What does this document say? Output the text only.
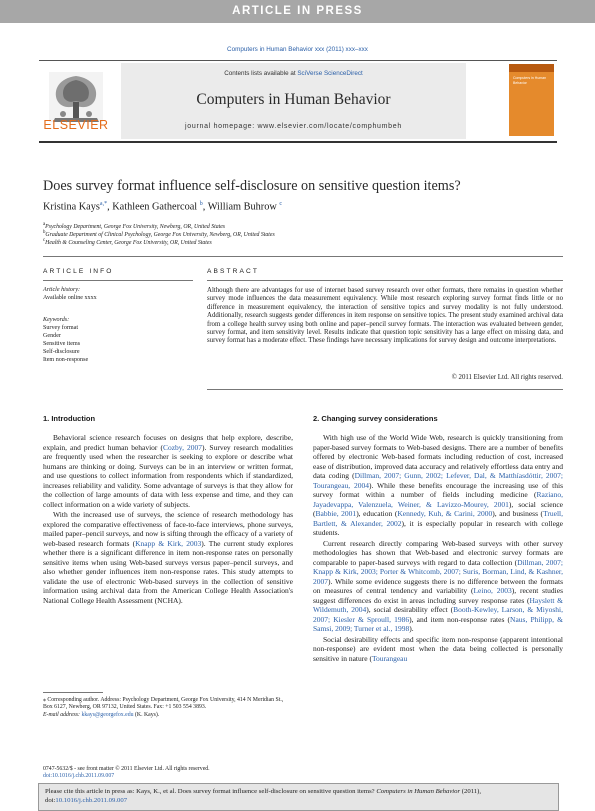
ARTICLE IN PRESS
Computers in Human Behavior xxx (2011) xxx–xxx
ELSEVIER
Contents lists available at SciVerse ScienceDirect
Computers in Human Behavior
journal homepage: www.elsevier.com/locate/comphumbeh
Computers in Human Behavior
Does survey format influence self-disclosure on sensitive question items?
Kristina Kays$^{a,*}$, Kathleen Gathercoal $^b$, William Buhrow $^c$
$^a$Psychology Department, George Fox University, Newberg, OR, United States
$^b$Graduate Department of Clinical Psychology, George Fox University, Newberg, OR, United States
$^c$Health & Counseling Center, George Fox University, OR, United States
ARTICLE INFO	ABSTRACT
Article history:
Available online xxxx
Keywords:
Survey format
Gender
Sensitive items
Self-disclosure
Item non-response
Although there are advantages for use of internet based survey research over other formats, there remains in question whether survey mode influences the data measurement equivalency. While most research exploring survey format finds little or no difference in measurement equivalency, the interaction of sensitive topics and survey modality is not fully understood. Additionally, research suggests gender differences in item response on sensitive topics. The present study examined archival data from a college health survey using both online and paper–pencil survey formats. The interaction was evaluated between gender, survey format, and item sensitivity level. Results indicate that question topic sensitivity has a large effect on missing data, and survey format has a moderate effect. These findings have necessary implications for survey design and outcome interpretations.
© 2011 Elsevier Ltd. All rights reserved.
1. Introduction

Behavioral science research focuses on designs that help explore, describe, explain, and predict human behavior (Cozby, 2007). Survey research modalities are frequently used when the researcher is seeking to explore or describe what humans are thinking or doing. Surveys can be in an interview or written format, and use questions to collect information from respondents which if standardized, increases reliability and validity. Some advantage of surveys is that they allow for the collection of large amounts of data with less expense and time, and they can collect information on a wide variety of subjects.

With the increased use of surveys, the science of research methodology has explored the comparative effectiveness of face-to-face interviews, phone surveys, mailed paper–pencil surveys, and now is sifting through the efficacy of a variety of web-based research formats (Knapp & Kirk, 2003). The current study explores whether there is a significant difference in item non-response rates on personally sensitive items when using Web-based surveys versus paper–pencil surveys, and also whether gender influences item non-response rates. This study attempts to validate the use of electronic Web-based surveys in the collection of sensitive information using archival data from the American College Health Association's National College Health Assessment (NCHA).

⁎ Corresponding author. Address: Psychology Department, George Fox University, 414 N Meridian St., Box 6127, Newberg, OR 97132, United States. Fax: +1 503 554 3893.
E-mail address: kkays@georgefox.edu (K. Kays).
0747-5632/$ - see front matter © 2011 Elsevier Ltd. All rights reserved.
doi:10.1016/j.chb.2011.09.007
2. Changing survey considerations

With high use of the World Wide Web, research is quickly transitioning from paper-based survey formats to Web-based designs. There are a number of benefits offered by electronic Web-based formats including reduction of cost, increased ease of distribution, improved data accuracy and relatively effortless data entry and data coding (Dillman, 2007; Gunn, 2002; Lefever, Dal, & Matthíasdóttir, 2007; Tourangeau, 2004). While these benefits encourage the increasing use of this survey format within a number of fields including medicine (Raziano, Jayadevappa, Valenzuela, Weiner, & Lavizzo-Mourey, 2001), social science (Babbie, 2001), education (Kennedy, Kuh, & Carini, 2000), and business (Truell, Bartlett, & Alexander, 2002), it is especially popular in research with college students.

Current research directly comparing Web-based surveys with other survey methodologies has shown that Web-based and electronic survey formats are comparable to paper-based surveys with regard to data collection (Dillman, 2007; Knapp & Kirk, 2003; Porter & Whitcomb, 2007; Suris, Borman, Lind, & Kashner, 2007). While some evidence suggests there is no difference between the formats on measures of central tendency and variability (Leino, 2003), recent studies suggest differences do exist in areas including survey response rates (Hayslett & Wildemuth, 2004), social desirability effect (Booth-Kewley, Larson, & Miyoshi, 2007; Kiesler & Sproull, 1986), and item non-response rates (Naus, Philipp, & Samsi, 2009; Turner et al., 1998).

Social desirability effects and specific item non-response (apparent intentional non-response) are evident most when the data being collected is personally sensitive in nature (Tourangeau

Please cite this article in press as: Kays, K., et al. Does survey format influence self-disclosure on sensitive question items? Computers in Human Behavior (2011), doi:10.1016/j.chb.2011.09.007
